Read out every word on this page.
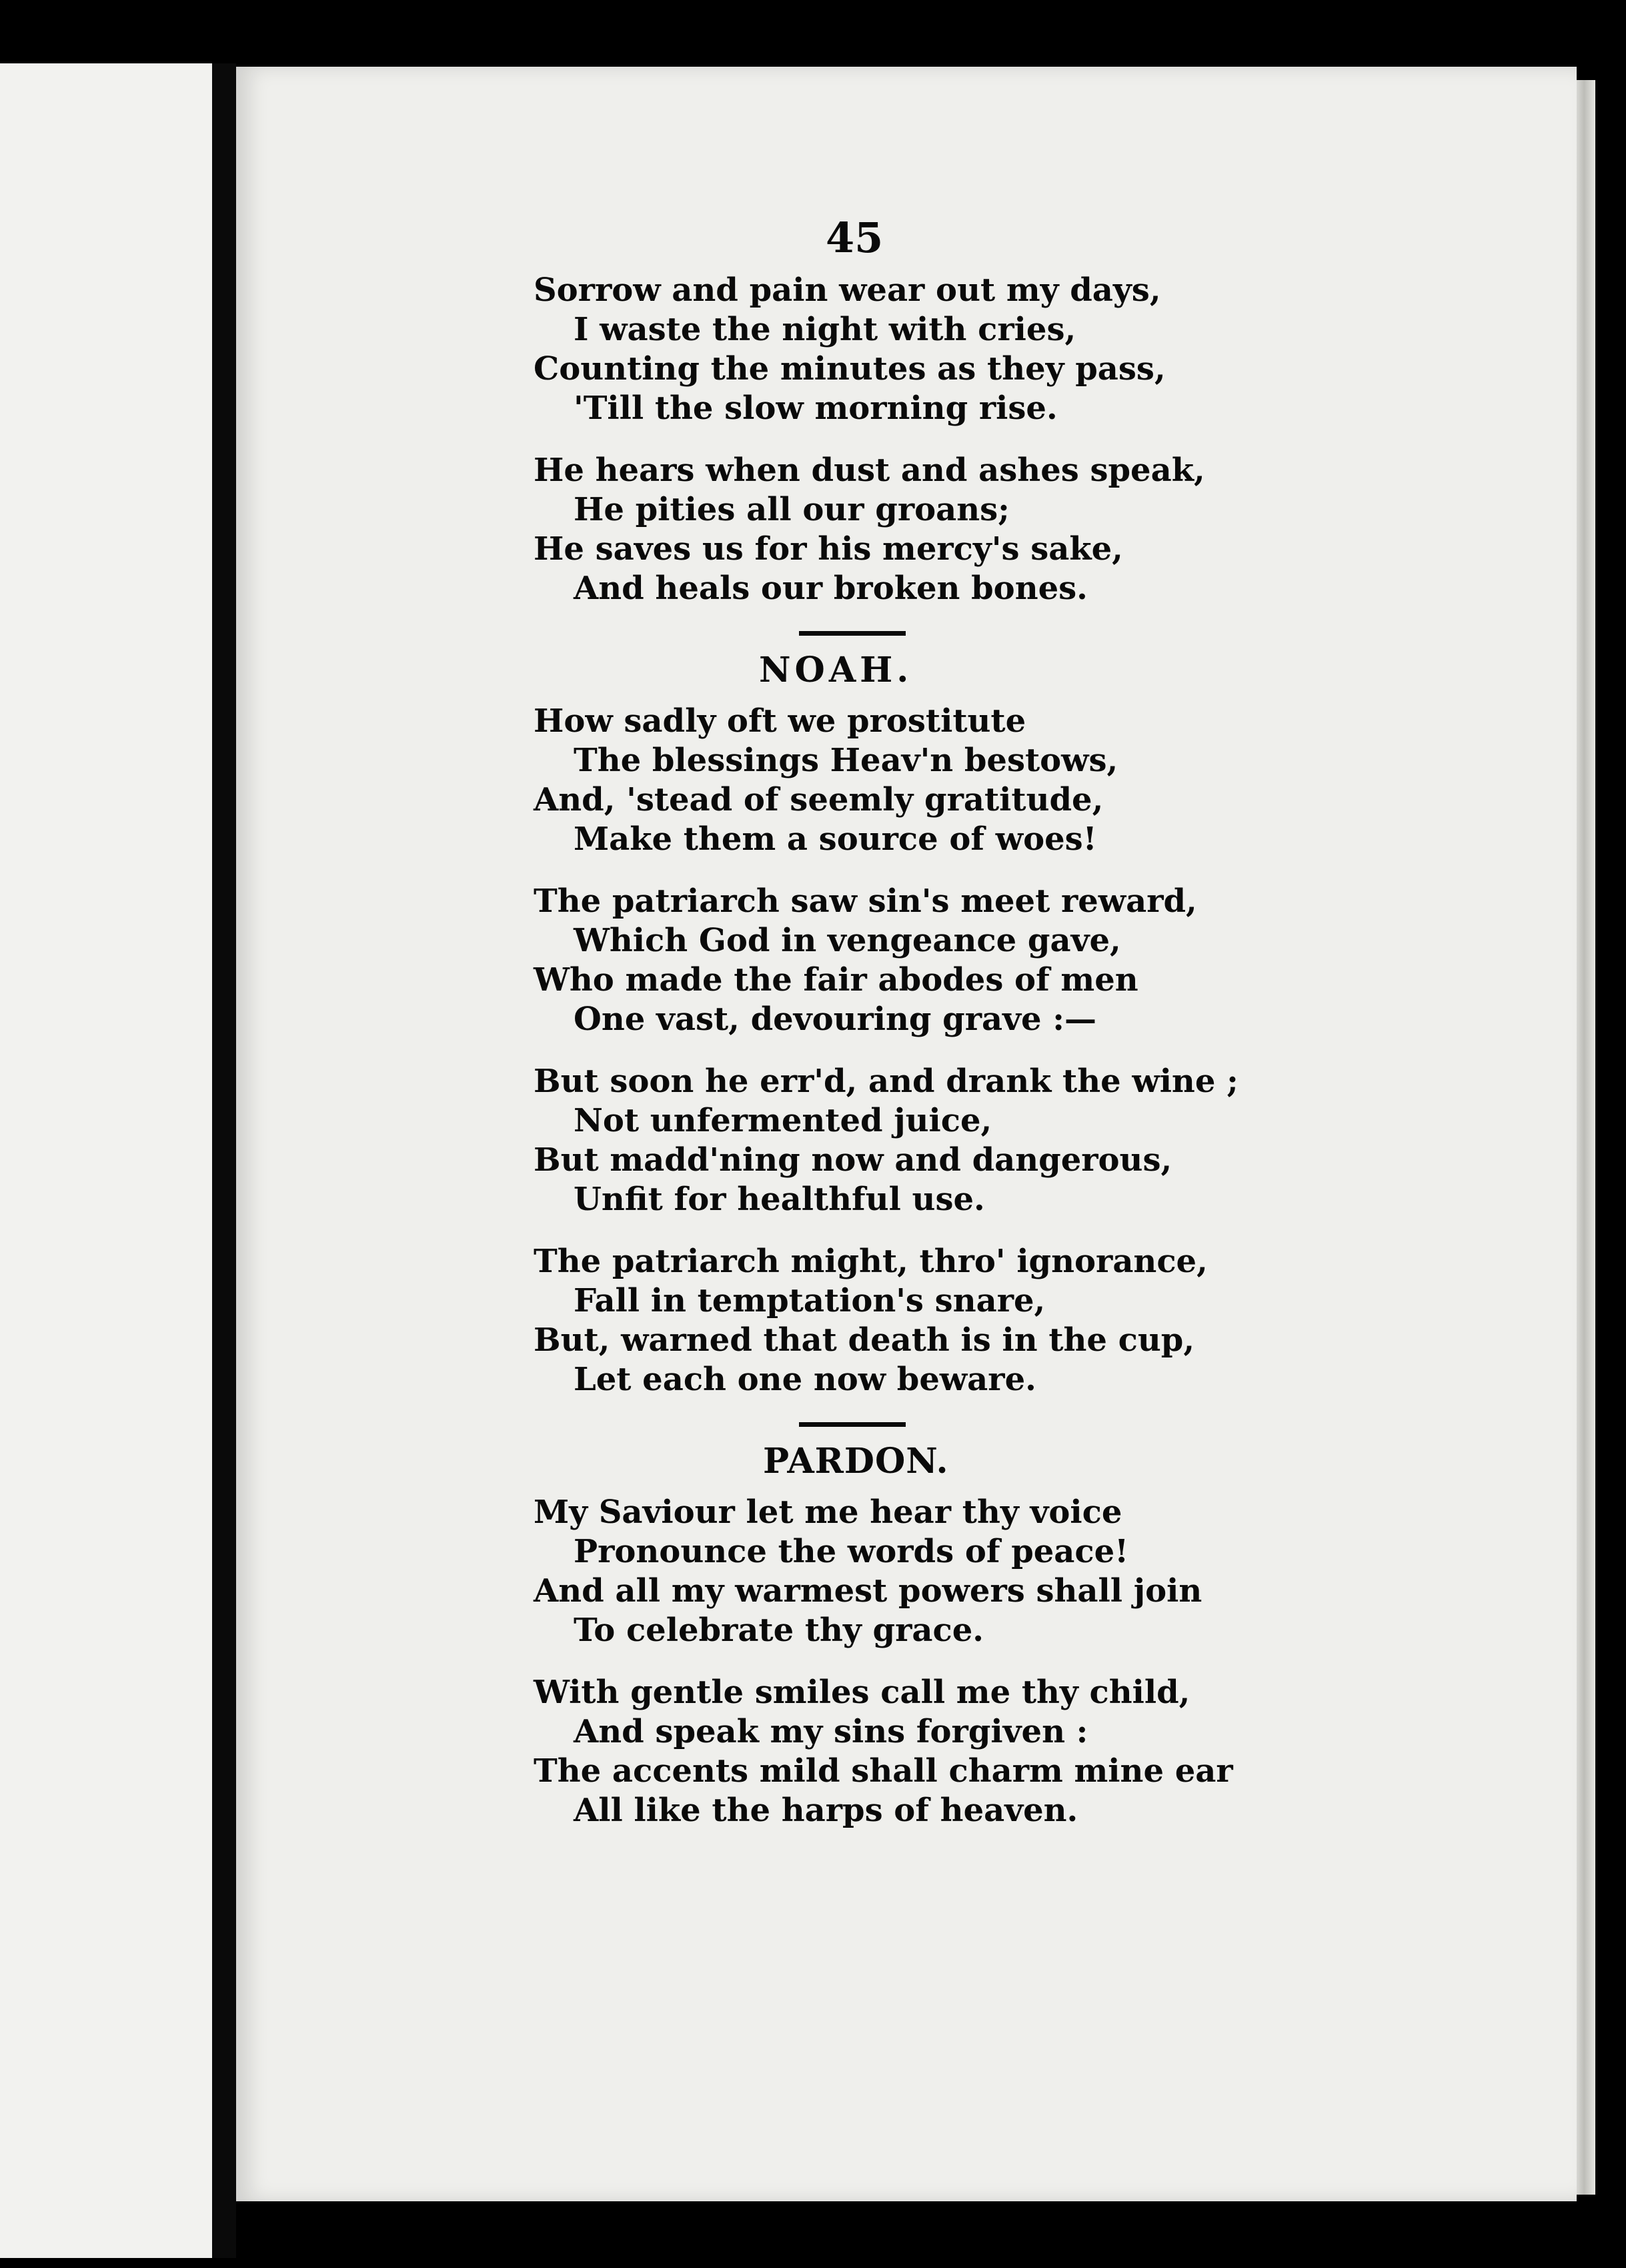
45
Sorrow and pain wear out my days,
I waste the night with cries,
Counting the minutes as they pass,
'Till the slow morning rise.
He hears when dust and ashes speak,
He pities all our groans;
He saves us for his mercy's sake,
And heals our broken bones.
NOAH.
How sadly oft we prostitute
The blessings Heav'n bestows,
And, 'stead of seemly gratitude,
Make them a source of woes!
The patriarch saw sin's meet reward,
Which God in vengeance gave,
Who made the fair abodes of men
One vast, devouring grave :—
But soon he err'd, and drank the wine ;
Not unfermented juice,
But madd'ning now and dangerous,
Unfit for healthful use.
The patriarch might, thro' ignorance,
Fall in temptation's snare,
But, warned that death is in the cup,
Let each one now beware.
PARDON.
My Saviour let me hear thy voice
Pronounce the words of peace!
And all my warmest powers shall join
To celebrate thy grace.
With gentle smiles call me thy child,
And speak my sins forgiven :
The accents mild shall charm mine ear
All like the harps of heaven.
